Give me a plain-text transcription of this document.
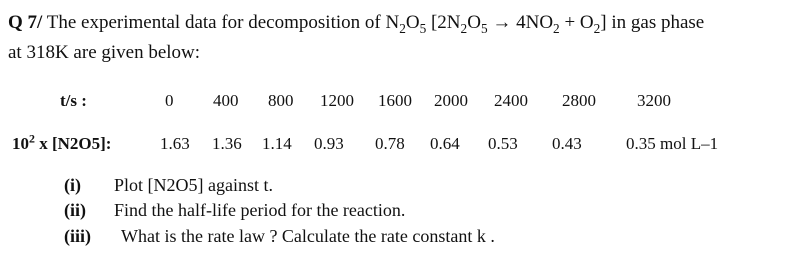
Q 7/ The experimental data for decomposition of $N_2O_5$ $[2N_2O_5 \to 4NO_2 + O_2]$ in gas phase
at 318K are given below:
t/s :	0 400 800 1200 1600 2000 2400 2800 3200
$10^2$ x [N2O5]:	1.63 1.36 1.14 0.93 0.78 0.64 0.53 0.43	0.35 mol L–1
(i) Plot [N2O5] against t.
(ii) Find the half-life period for the reaction.
(iii) What is the rate law ? Calculate the rate constant k .
